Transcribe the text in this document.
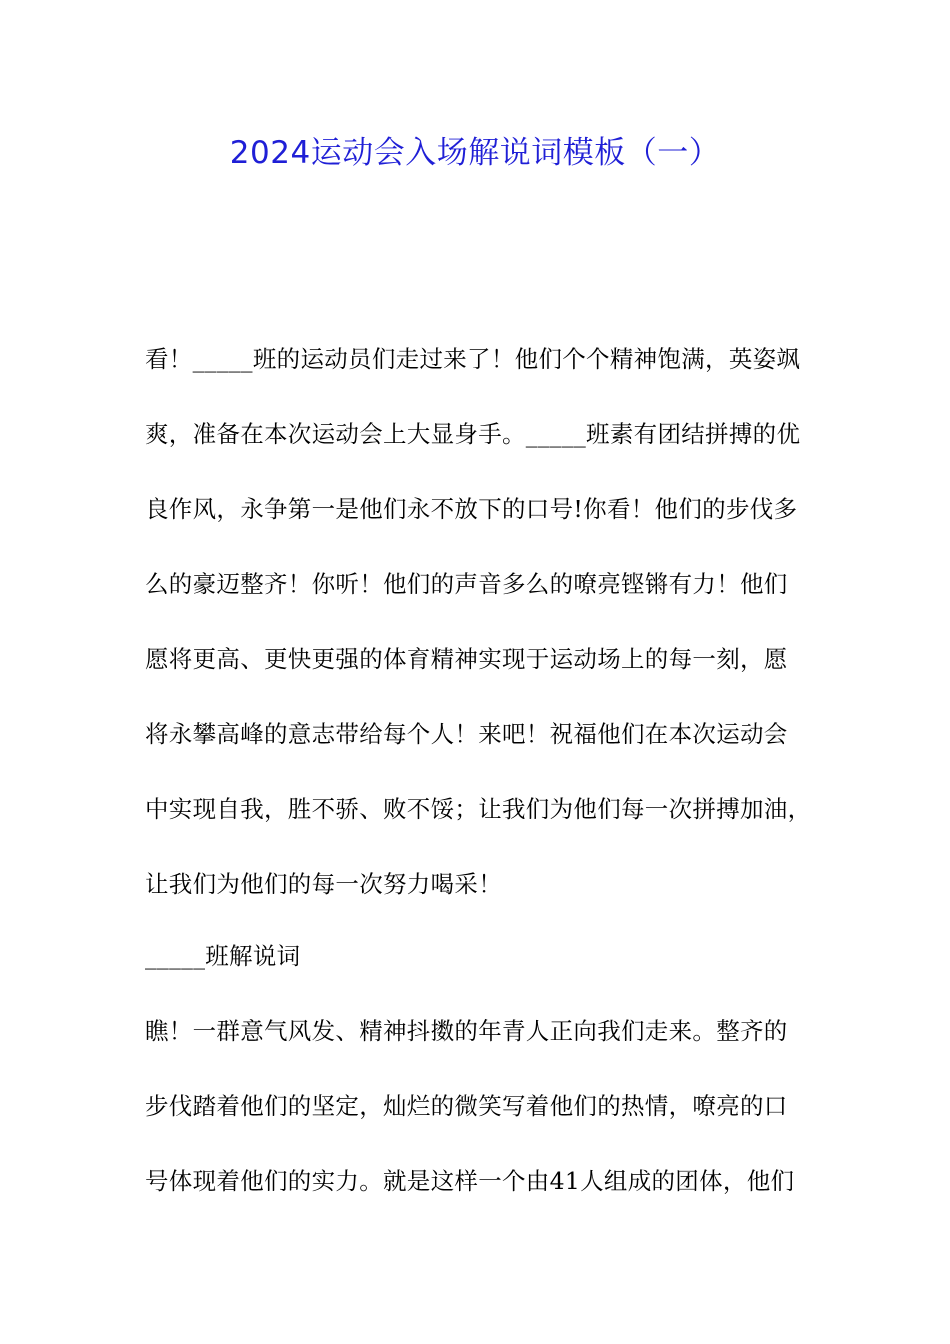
2024运动会入场解说词模板（一）
看！_____班的运动员们走过来了！他们个个精神饱满，英姿飒
爽，准备在本次运动会上大显身手。_____班素有团结拼搏的优
良作风，永争第一是他们永不放下的口号!你看！他们的步伐多
么的豪迈整齐！你听！他们的声音多么的嘹亮铿锵有力！他们
愿将更高、更快更强的体育精神实现于运动场上的每一刻，愿
将永攀高峰的意志带给每个人！来吧！祝福他们在本次运动会
中实现自我，胜不骄、败不馁；让我们为他们每一次拼搏加油，
让我们为他们的每一次努力喝采！
_____班解说词
瞧！一群意气风发、精神抖擞的年青人正向我们走来。整齐的
步伐踏着他们的坚定，灿烂的微笑写着他们的热情，嘹亮的口
号体现着他们的实力。就是这样一个由41人组成的团体，他们
